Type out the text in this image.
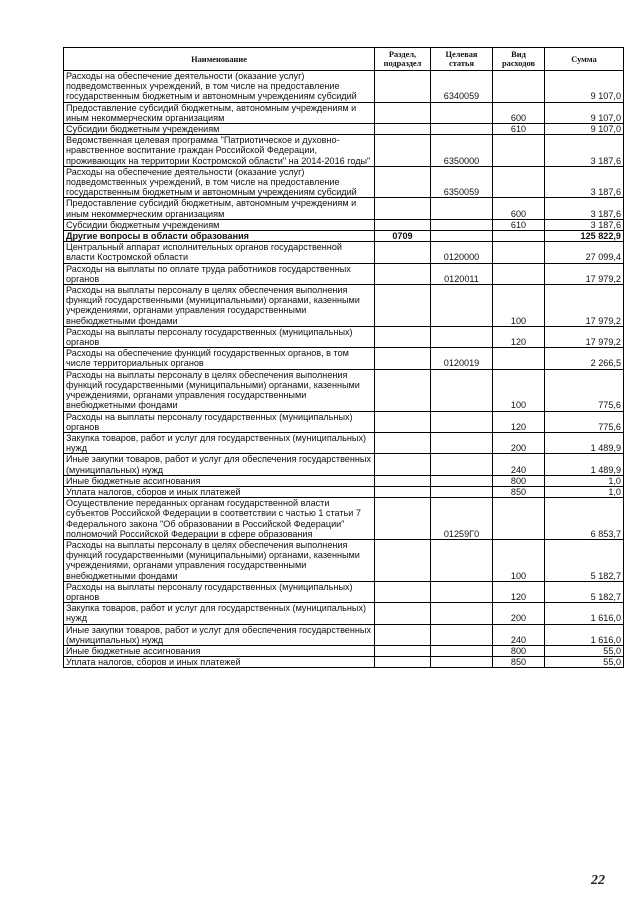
Наименование	Раздел, подраздел	Целевая статья	Вид расходов	Сумма
Расходы на обеспечение деятельности (оказание услуг) подведомственных учреждений, в том числе на предоставление государственным бюджетным и автономным учреждениям субсидий		6340059		9 107,0
Предоставление субсидий бюджетным, автономным учреждениям и иным некоммерческим организациям			600	9 107,0
Субсидии бюджетным учреждениям			610	9 107,0
Ведомственная целевая программа "Патриотическое и духовно-нравственное воспитание граждан Российской Федерации, проживающих на территории Костромской области" на 2014-2016 годы"		6350000		3 187,6
Расходы на обеспечение деятельности (оказание услуг) подведомственных учреждений, в том числе на предоставление государственным бюджетным и автономным учреждениям субсидий		6350059		3 187,6
Предоставление субсидий бюджетным, автономным учреждениям и иным некоммерческим организациям			600	3 187,6
Субсидии бюджетным учреждениям			610	3 187,6
Другие вопросы в области образования	0709			125 822,9
Центральный аппарат исполнительных органов государственной власти Костромской области		0120000		27 099,4
Расходы на выплаты по оплате труда работников государственных органов		0120011		17 979,2
Расходы на выплаты персоналу в целях обеспечения выполнения функций государственными (муниципальными) органами, казенными учреждениями, органами управления государственными внебюджетными фондами			100	17 979,2
Расходы на выплаты персоналу государственных (муниципальных) органов			120	17 979,2
Расходы на обеспечение функций государственных органов, в том числе территориальных органов		0120019		2 266,5
Расходы на выплаты персоналу в целях обеспечения выполнения функций государственными (муниципальными) органами, казенными учреждениями, органами управления государственными внебюджетными фондами			100	775,6
Расходы на выплаты персоналу государственных (муниципальных) органов			120	775,6
Закупка товаров, работ и услуг для государственных (муниципальных) нужд			200	1 489,9
Иные закупки товаров, работ и услуг для обеспечения государственных (муниципальных) нужд			240	1 489,9
Иные бюджетные ассигнования			800	1,0
Уплата налогов, сборов и иных платежей			850	1,0
Осуществление переданных органам государственной власти субъектов Российской Федерации в соответствии с частью 1 статьи 7 Федерального закона "Об образовании в Российской Федерации" полномочий Российской Федерации в сфере образования		01259Г0		6 853,7
Расходы на выплаты персоналу в целях обеспечения выполнения функций государственными (муниципальными) органами, казенными учреждениями, органами управления государственными внебюджетными фондами			100	5 182,7
Расходы на выплаты персоналу государственных (муниципальных) органов			120	5 182,7
Закупка товаров, работ и услуг для государственных (муниципальных) нужд			200	1 616,0
Иные закупки товаров, работ и услуг для обеспечения государственных (муниципальных) нужд			240	1 616,0
Иные бюджетные ассигнования			800	55,0
Уплата налогов, сборов и иных платежей			850	55,0
22
